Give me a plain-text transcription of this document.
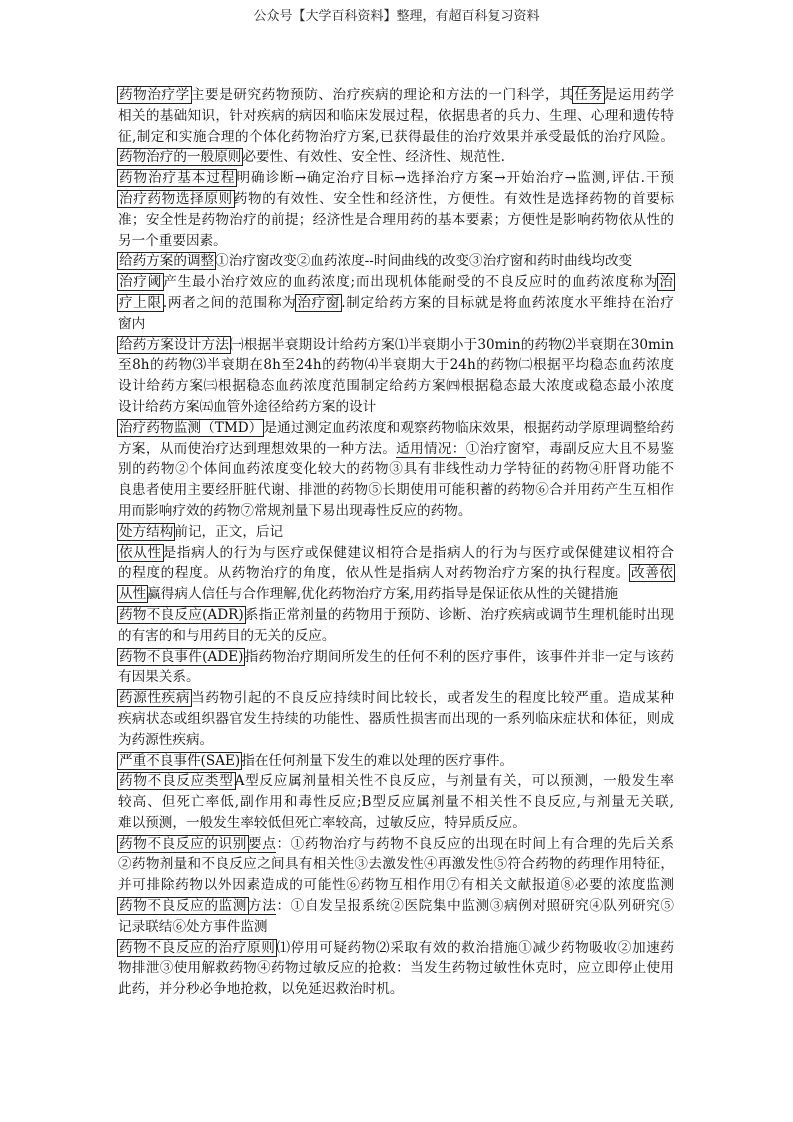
公众号【大学百科资料】整理，有超百科复习资料
药物治疗学主要是研究药物预防、治疗疾病的理论和方法的一门科学，其任务是运用药学
相关的基础知识，针对疾病的病因和临床发展过程，依据患者的兵力、生理、心理和遗传特
征,制定和实施合理的个体化药物治疗方案,已获得最佳的治疗效果并承受最低的治疗风险。
药物治疗的一般原则必要性、有效性、安全性、经济性、规范性.
药物治疗基本过程明确诊断→确定治疗目标→选择治疗方案→开始治疗→监测,评估.干预
治疗药物选择原则药物的有效性、安全性和经济性，方便性。有效性是选择药物的首要标
准；安全性是药物治疗的前提；经济性是合理用药的基本要素；方便性是影响药物依从性的
另一个重要因素。
给药方案的调整①治疗窗改变②血药浓度--时间曲线的改变③治疗窗和药时曲线均改变
治疗阈产生最小治疗效应的血药浓度;而出现机体能耐受的不良反应时的血药浓度称为治
疗上限.两者之间的范围称为治疗窗.制定给药方案的目标就是将血药浓度水平维持在治疗
窗内
给药方案设计方法㈠根据半衰期设计给药方案⑴半衰期小于30min的药物⑵半衰期在30min
至8h的药物⑶半衰期在8h至24h的药物⑷半衰期大于24h的药物㈡根据平均稳态血药浓度
设计给药方案㈢根据稳态血药浓度范围制定给药方案㈣根据稳态最大浓度或稳态最小浓度
设计给药方案㈤血管外途径给药方案的设计
治疗药物监测（TMD）是通过测定血药浓度和观察药物临床效果，根据药动学原理调整给药
方案，从而使治疗达到理想效果的一种方法。适用情况：①治疗窗窄，毒副反应大且不易鉴
别的药物②个体间血药浓度变化较大的药物③具有非线性动力学特征的药物④肝肾功能不
良患者使用主要经肝脏代谢、排泄的药物⑤长期使用可能积蓄的药物⑥合并用药产生互相作
用而影响疗效的药物⑦常规剂量下易出现毒性反应的药物。
处方结构前记，正文，后记
依从性是指病人的行为与医疗或保健建议相符合是指病人的行为与医疗或保健建议相符合
的程度的程度。从药物治疗的角度，依从性是指病人对药物治疗方案的执行程度。改善依
从性赢得病人信任与合作理解,优化药物治疗方案,用药指导是保证依从性的关键措施
药物不良反应(ADR)系指正常剂量的药物用于预防、诊断、治疗疾病或调节生理机能时出现
的有害的和与用药目的无关的反应。
药物不良事件(ADE)指药物治疗期间所发生的任何不利的医疗事件，该事件并非一定与该药
有因果关系。
药源性疾病当药物引起的不良反应持续时间比较长，或者发生的程度比较严重。造成某种
疾病状态或组织器官发生持续的功能性、器质性损害而出现的一系列临床症状和体征，则成
为药源性疾病。
严重不良事件(SAE)指在任何剂量下发生的难以处理的医疗事件。
药物不良反应类型A型反应属剂量相关性不良反应，与剂量有关，可以预测，一般发生率
较高、但死亡率低,副作用和毒性反应;B型反应属剂量不相关性不良反应,与剂量无关联,
难以预测，一般发生率较低但死亡率较高，过敏反应，特异质反应。
药物不良反应的识别要点：①药物治疗与药物不良反应的出现在时间上有合理的先后关系
②药物剂量和不良反应之间具有相关性③去激发性④再激发性⑤符合药物的药理作用特征，
并可排除药物以外因素造成的可能性⑥药物互相作用⑦有相关文献报道⑧必要的浓度监测
药物不良反应的监测方法：①自发呈报系统②医院集中监测③病例对照研究④队列研究⑤
记录联结⑥处方事件监测
药物不良反应的治疗原则⑴停用可疑药物⑵采取有效的救治措施①减少药物吸收②加速药
物排泄③使用解救药物④药物过敏反应的抢救：当发生药物过敏性休克时，应立即停止使用
此药，并分秒必争地抢救，以免延迟救治时机。
